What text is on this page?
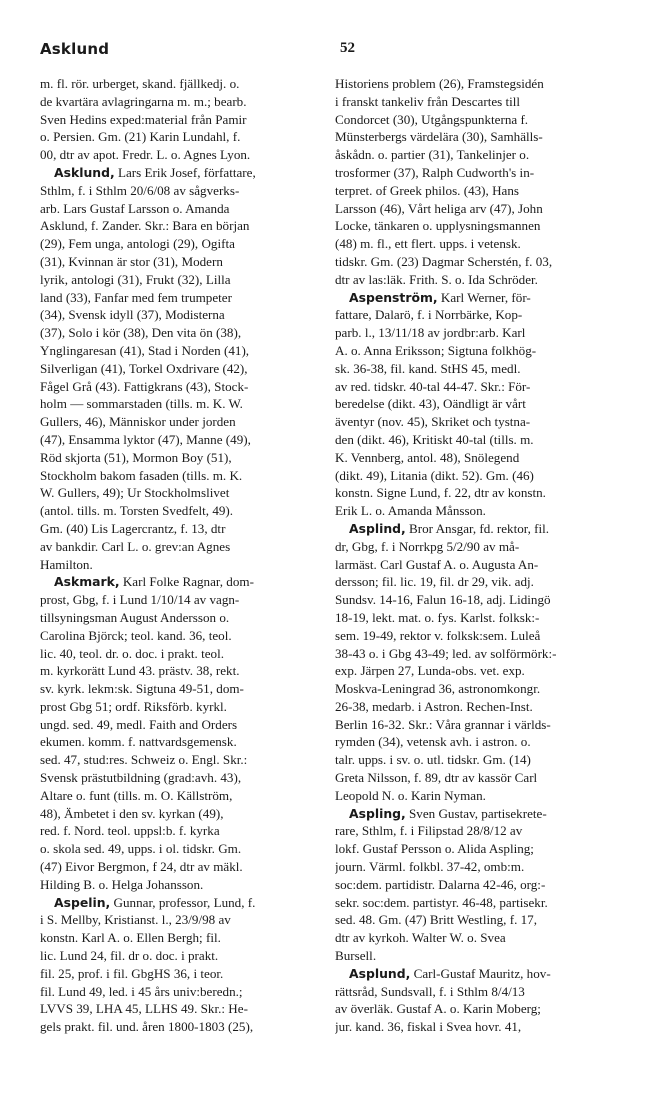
Asklund	52
m. fl. rör. urberget, skand. fjällkedj. o.
de kvartära avlagringarna m. m.; bearb.
Sven Hedins exped:material från Pamir
o. Persien. Gm. (21) Karin Lundahl, f.
00, dtr av apot. Fredr. L. o. Agnes Lyon.
Asklund, Lars Erik Josef, författare,
Sthlm, f. i Sthlm 20/6/08 av sågverks-
arb. Lars Gustaf Larsson o. Amanda
Asklund, f. Zander. Skr.: Bara en början
(29), Fem unga, antologi (29), Ogifta
(31), Kvinnan är stor (31), Modern
lyrik, antologi (31), Frukt (32), Lilla
land (33), Fanfar med fem trumpeter
(34), Svensk idyll (37), Modisterna
(37), Solo i kör (38), Den vita ön (38),
Ynglingaresan (41), Stad i Norden (41),
Silverligan (41), Torkel Oxdrivare (42),
Fågel Grå (43). Fattigkrans (43), Stock-
holm — sommarstaden (tills. m. K. W.
Gullers, 46), Människor under jorden
(47), Ensamma lyktor (47), Manne (49),
Röd skjorta (51), Mormon Boy (51),
Stockholm bakom fasaden (tills. m. K.
W. Gullers, 49); Ur Stockholmslivet
(antol. tills. m. Torsten Svedfelt, 49).
Gm. (40) Lis Lagercrantz, f. 13, dtr
av bankdir. Carl L. o. grev:an Agnes
Hamilton.
Askmark, Karl Folke Ragnar, dom-
prost, Gbg, f. i Lund 1/10/14 av vagn-
tillsyningsman August Andersson o.
Carolina Björck; teol. kand. 36, teol.
lic. 40, teol. dr. o. doc. i prakt. teol.
m. kyrkorätt Lund 43. prästv. 38, rekt.
sv. kyrk. lekm:sk. Sigtuna 49-51, dom-
prost Gbg 51; ordf. Riksförb. kyrkl.
ungd. sed. 49, medl. Faith and Orders
ekumen. komm. f. nattvardsgemensk.
sed. 47, stud:res. Schweiz o. Engl. Skr.:
Svensk prästutbildning (grad:avh. 43),
Altare o. funt (tills. m. O. Källström,
48), Ämbetet i den sv. kyrkan (49),
red. f. Nord. teol. uppsl:b. f. kyrka
o. skola sed. 49, upps. i ol. tidskr. Gm.
(47) Eivor Bergmon, f 24, dtr av mäkl.
Hilding B. o. Helga Johansson.
Aspelin, Gunnar, professor, Lund, f.
i S. Mellby, Kristianst. l., 23/9/98 av
konstn. Karl A. o. Ellen Bergh; fil.
lic. Lund 24, fil. dr o. doc. i prakt.
fil. 25, prof. i fil. GbgHS 36, i teor.
fil. Lund 49, led. i 45 års univ:beredn.;
LVVS 39, LHA 45, LLHS 49. Skr.: He-
gels prakt. fil. und. åren 1800-1803 (25),
Historiens problem (26), Framstegsidén
i franskt tankeliv från Descartes till
Condorcet (30), Utgångspunkterna f.
Münsterbergs värdelära (30), Samhälls-
åskådn. o. partier (31), Tankelinjer o.
trosformer (37), Ralph Cudworth's in-
terpret. of Greek philos. (43), Hans
Larsson (46), Vårt heliga arv (47), John
Locke, tänkaren o. upplysningsmannen
(48) m. fl., ett flert. upps. i vetensk.
tidskr. Gm. (23) Dagmar Scherstén, f. 03,
dtr av las:läk. Frith. S. o. Ida Schröder.
Aspenström, Karl Werner, för-
fattare, Dalarö, f. i Norrbärke, Kop-
parb. l., 13/11/18 av jordbr:arb. Karl
A. o. Anna Eriksson; Sigtuna folkhög-
sk. 36-38, fil. kand. StHS 45, medl.
av red. tidskr. 40-tal 44-47. Skr.: För-
beredelse (dikt. 43), Oändligt är vårt
äventyr (nov. 45), Skriket och tystna-
den (dikt. 46), Kritiskt 40-tal (tills. m.
K. Vennberg, antol. 48), Snölegend
(dikt. 49), Litania (dikt. 52). Gm. (46)
konstn. Signe Lund, f. 22, dtr av konstn.
Erik L. o. Amanda Månsson.
Asplind, Bror Ansgar, fd. rektor, fil.
dr, Gbg, f. i Norrkpg 5/2/90 av må-
larmäst. Carl Gustaf A. o. Augusta An-
dersson; fil. lic. 19, fil. dr 29, vik. adj.
Sundsv. 14-16, Falun 16-18, adj. Lidingö
18-19, lekt. mat. o. fys. Karlst. folksk:-
sem. 19-49, rektor v. folksk:sem. Luleå
38-43 o. i Gbg 43-49; led. av solförmörk:-
exp. Järpen 27, Lunda-obs. vet. exp.
Moskva-Leningrad 36, astronomkongr.
26-38, medarb. i Astron. Rechen-Inst.
Berlin 16-32. Skr.: Våra grannar i världs-
rymden (34), vetensk avh. i astron. o.
talr. upps. i sv. o. utl. tidskr. Gm. (14)
Greta Nilsson, f. 89, dtr av kassör Carl
Leopold N. o. Karin Nyman.
Aspling, Sven Gustav, partisekrete-
rare, Sthlm, f. i Filipstad 28/8/12 av
lokf. Gustaf Persson o. Alida Aspling;
journ. Värml. folkbl. 37-42, omb:m.
soc:dem. partidistr. Dalarna 42-46, org:-
sekr. soc:dem. partistyr. 46-48, partisekr.
sed. 48. Gm. (47) Britt Westling, f. 17,
dtr av kyrkoh. Walter W. o. Svea
Bursell.
Asplund, Carl-Gustaf Mauritz, hov-
rättsråd, Sundsvall, f. i Sthlm 8/4/13
av överläk. Gustaf A. o. Karin Moberg;
jur. kand. 36, fiskal i Svea hovr. 41,
